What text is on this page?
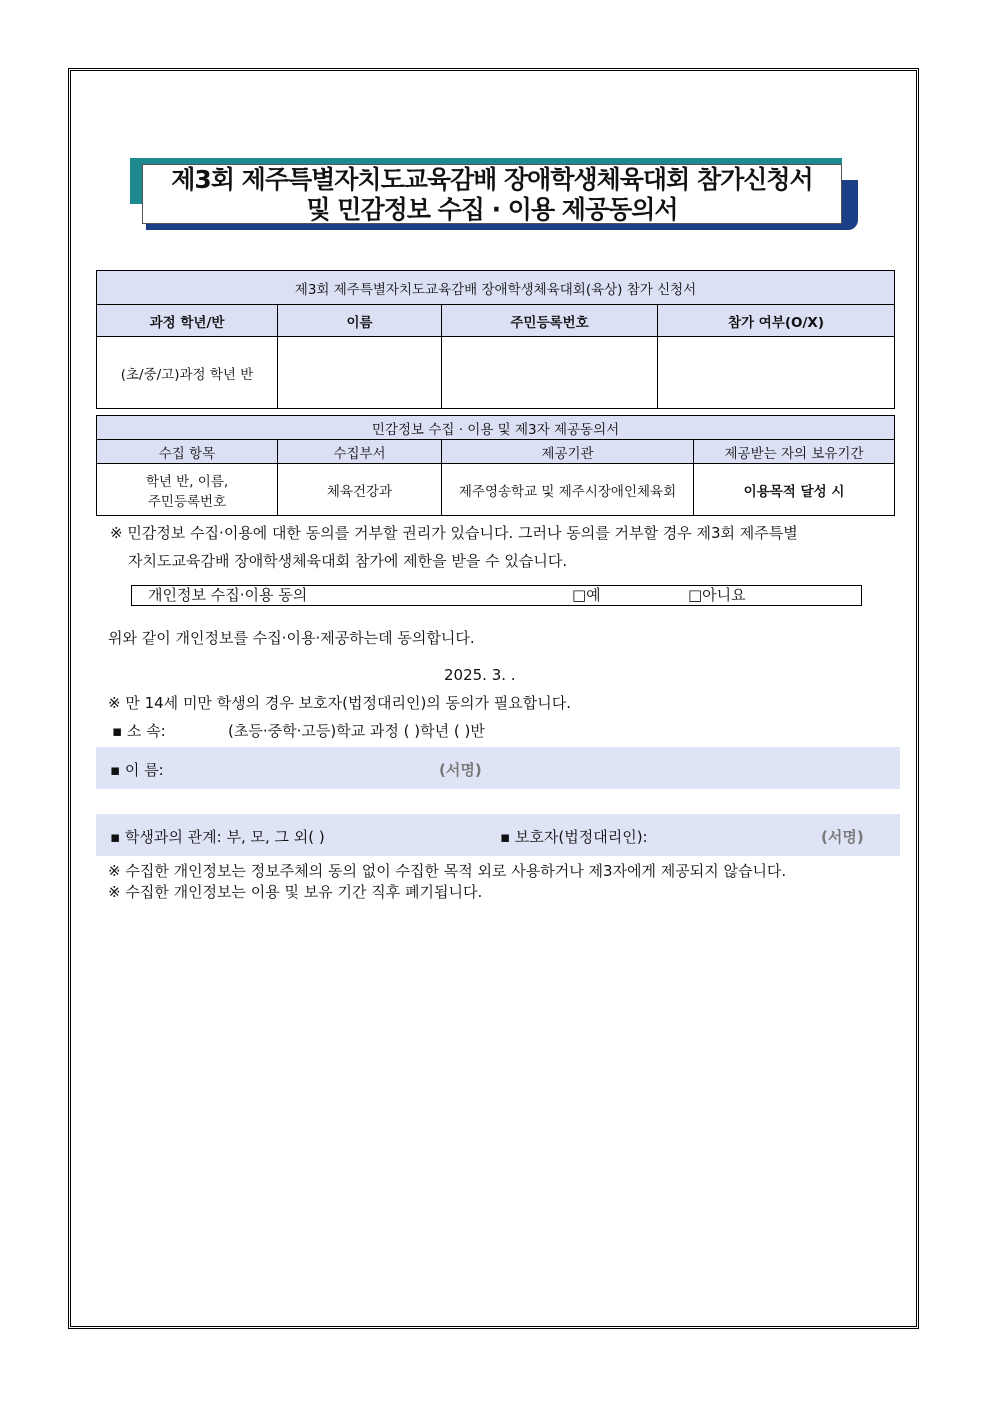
제3회 제주특별자치도교육감배 장애학생체육대회 참가신청서
및 민감정보 수집 · 이용 제공동의서
제3회 제주특별자치도교육감배 장애학생체육대회(육상) 참가 신청서			
과정 학년/반	이름	주민등록번호	참가 여부(O/X)
(초/중/고)과정 학년 반			
민감정보 수집 · 이용 및 제3자 제공동의서			
수집 항목	수집부서	제공기관	제공받는 자의 보유기간

학년 반, 이름,
주민등록번호	체육건강과	제주영송학교 및 제주시장애인체육회	이용목적 달성 시
※ 민감정보 수집·이용에 대한 동의를 거부할 권리가 있습니다. 그러나 동의를 거부할 경우 제3회 제주특별
자치도교육감배 장애학생체육대회 참가에 제한을 받을 수 있습니다.
개인정보 수집·이용 동의	□예	□아니요
위와 같이 개인정보를 수집·이용·제공하는데 동의합니다.
2025. 3. .
※ 만 14세 미만 학생의 경우 보호자(법정대리인)의 동의가 필요합니다.
▪ 소 속:	(초등·중학·고등)학교 과정 ( )학년 ( )반
▪ 이 름:	(서명)
▪ 학생과의 관계: 부, 모, 그 외( )	▪ 보호자(법정대리인):	(서명)
※ 수집한 개인정보는 정보주체의 동의 없이 수집한 목적 외로 사용하거나 제3자에게 제공되지 않습니다.
※ 수집한 개인정보는 이용 및 보유 기간 직후 폐기됩니다.
